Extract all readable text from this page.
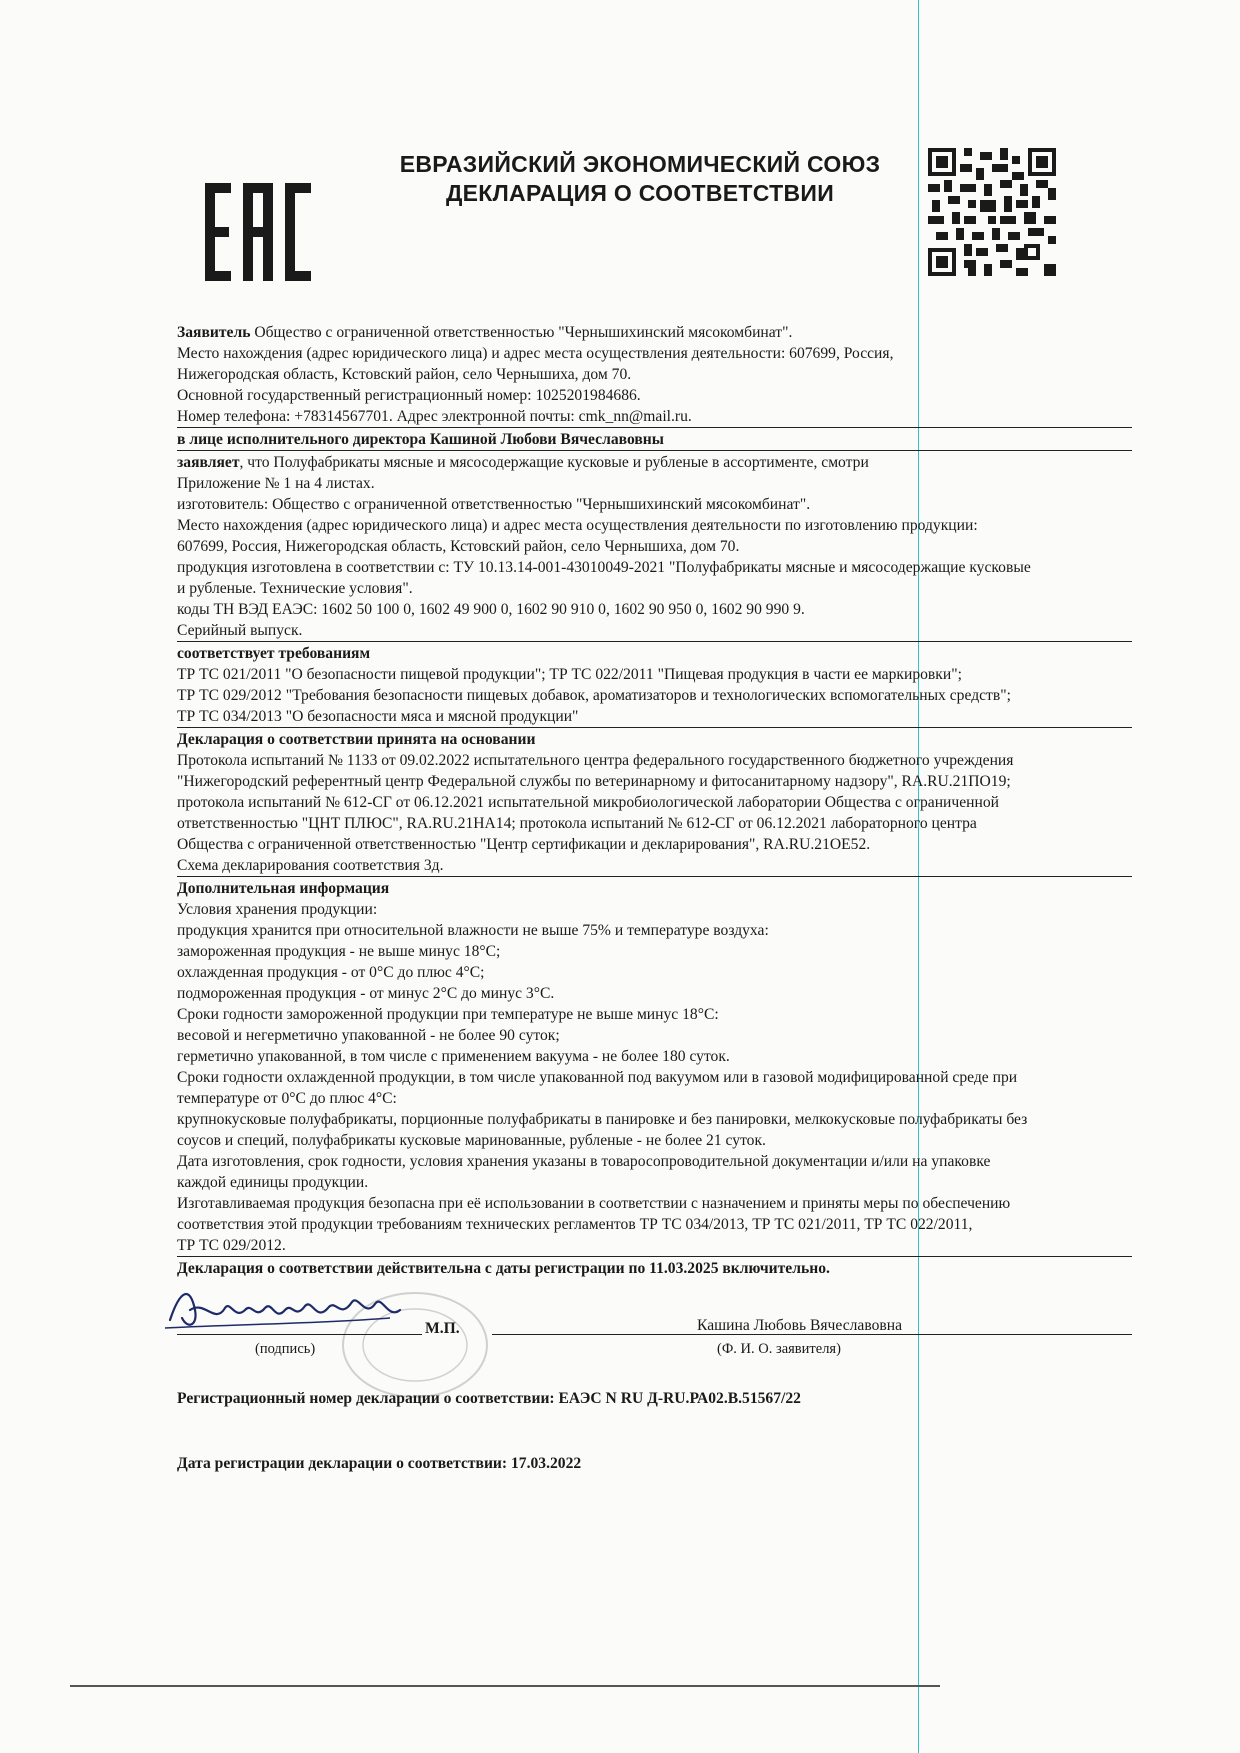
ЕВРАЗИЙСКИЙ ЭКОНОМИЧЕСКИЙ СОЮЗ
ДЕКЛАРАЦИЯ О СООТВЕТСТВИИ
Заявитель Общество с ограниченной ответственностью "Чернышихинский мясокомбинат".
Место нахождения (адрес юридического лица) и адрес места осуществления деятельности: 607699, Россия,
Нижегородская область, Кстовский район, село Чернышиха, дом 70.
Основной государственный регистрационный номер: 1025201984686.
Номер телефона: +78314567701. Адрес электронной почты: cmk_nn@mail.ru.
в лице исполнительного директора Кашиной Любови Вячеславовны
заявляет, что Полуфабрикаты мясные и мясосодержащие кусковые и рубленые в ассортименте, смотри
Приложение № 1 на 4 листах.
изготовитель: Общество с ограниченной ответственностью "Чернышихинский мясокомбинат".
Место нахождения (адрес юридического лица) и адрес места осуществления деятельности по изготовлению продукции:
607699, Россия, Нижегородская область, Кстовский район, село Чернышиха, дом 70.
продукция изготовлена в соответствии с: ТУ 10.13.14-001-43010049-2021 "Полуфабрикаты мясные и мясосодержащие кусковые
и рубленые. Технические условия".
коды ТН ВЭД ЕАЭС: 1602 50 100 0, 1602 49 900 0, 1602 90 910 0, 1602 90 950 0, 1602 90 990 9.
Серийный выпуск.
соответствует требованиям
ТР ТС 021/2011 "О безопасности пищевой продукции"; ТР ТС 022/2011 "Пищевая продукция в части ее маркировки";
ТР ТС 029/2012 "Требования безопасности пищевых добавок, ароматизаторов и технологических вспомогательных средств";
ТР ТС 034/2013 "О безопасности мяса и мясной продукции"
Декларация о соответствии принята на основании
Протокола испытаний № 1133 от 09.02.2022 испытательного центра федерального государственного бюджетного учреждения
"Нижегородский референтный центр Федеральной службы по ветеринарному и фитосанитарному надзору", RA.RU.21ПО19;
протокола испытаний № 612-СГ от 06.12.2021 испытательной микробиологической лаборатории Общества с ограниченной
ответственностью "ЦНТ ПЛЮС", RA.RU.21НА14; протокола испытаний № 612-СГ от 06.12.2021 лабораторного центра
Общества с ограниченной ответственностью "Центр сертификации и декларирования", RA.RU.21ОЕ52.
Схема декларирования соответствия 3д.
Дополнительная информация
Условия хранения продукции:
продукция хранится при относительной влажности не выше 75% и температуре воздуха:
замороженная продукция - не выше минус 18°С;
охлажденная продукция - от 0°С до плюс 4°С;
подмороженная продукция - от минус 2°С до минус 3°С.
Сроки годности замороженной продукции при температуре не выше минус 18°С:
весовой и негерметично упакованной - не более 90 суток;
герметично упакованной, в том числе с применением вакуума - не более 180 суток.
Сроки годности охлажденной продукции, в том числе упакованной под вакуумом или в газовой модифицированной среде при
температуре от 0°С до плюс 4°С:
крупнокусковые полуфабрикаты, порционные полуфабрикаты в панировке и без панировки, мелкокусковые полуфабрикаты без
соусов и специй, полуфабрикаты кусковые маринованные, рубленые - не более 21 суток.
Дата изготовления, срок годности, условия хранения указаны в товаросопроводительной документации и/или на упаковке
каждой единицы продукции.
Изготавливаемая продукция безопасна при её использовании в соответствии с назначением и приняты меры по обеспечению
соответствия этой продукции требованиям технических регламентов ТР ТС 034/2013, ТР ТС 021/2011, ТР ТС 022/2011,
ТР ТС 029/2012.
Декларация о соответствии действительна с даты регистрации по 11.03.2025 включительно.
М.П.	Кашина Любовь Вячеславовна
(подпись)	(Ф. И. О. заявителя)
Регистрационный номер декларации о соответствии: ЕАЭС N RU Д-RU.РА02.В.51567/22
Дата регистрации декларации о соответствии: 17.03.2022
